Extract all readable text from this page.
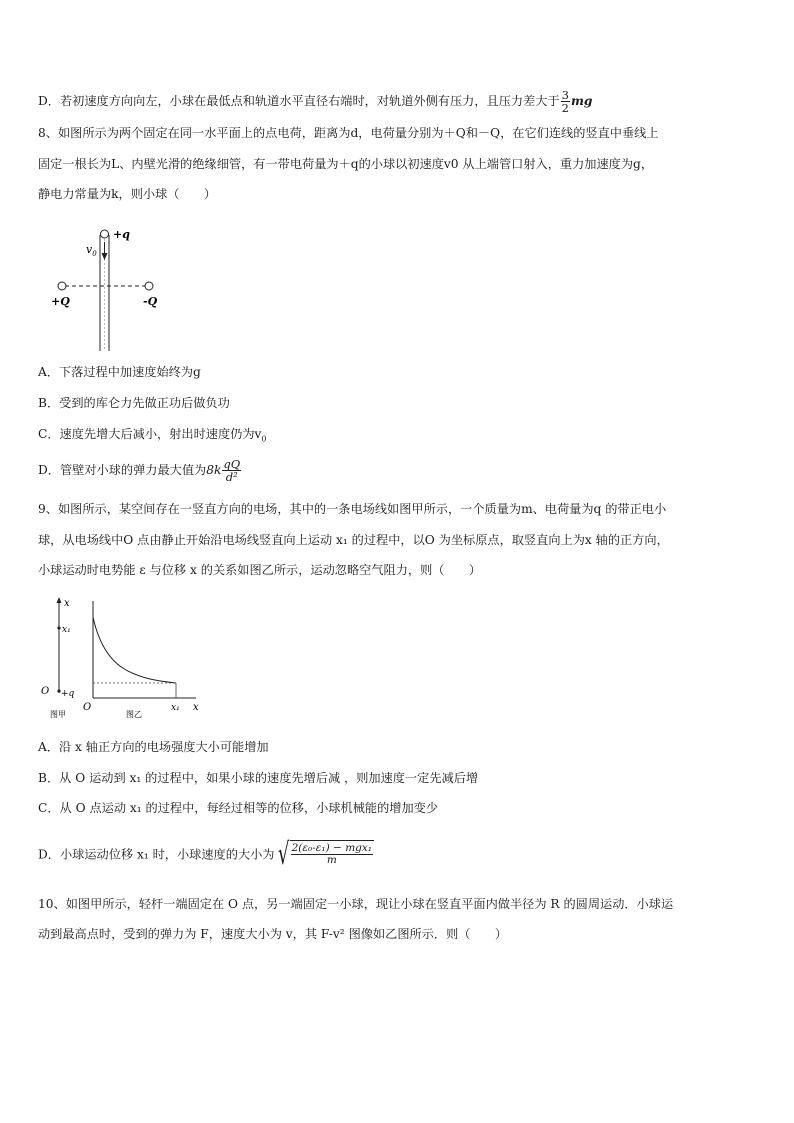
D．若初速度方向向左，小球在最低点和轨道水平直径右端时，对轨道外侧有压力，且压力差大于 $\frac{3}{2}$ mg
8、如图所示为两个固定在同一水平面上的点电荷，距离为d，电荷量分别为＋Q和－Q，在它们连线的竖直中垂线上
固定一根长为L、内壁光滑的绝缘细管，有一带电荷量为＋q的小球以初速度v0 从上端管口射入，重力加速度为g，
静电力常量为k，则小球（　　）
+q
$v_0$
+Q	-Q
A．下落过程中加速度始终为g
B．受到的库仑力先做正功后做负功
C．速度先增大后减小，射出时速度仍为$v_0$
D．管壁对小球的弹力最大值为$8k \frac{qQ}{\text{d²}}$
9、如图所示，某空间存在一竖直方向的电场，其中的一条电场线如图甲所示，一个质量为m、电荷量为q 的带正电小
球，从电场线中O 点由静止开始沿电场线竖直向上运动 x₁ 的过程中，以O 为坐标原点，取竖直向上为x 轴的正方向，
小球运动时电势能 ε 与位移 x 的关系如图乙所示，运动忽略空气阻力，则（　　）
x
x₁
O +q
图甲
O	x₁ x
图乙
A．沿 x 轴正方向的电场强度大小可能增加
B．从 O 运动到 x₁ 的过程中，如果小球的速度先增后减 ，则加速度一定先减后增
C．从 O 点运动 x₁ 的过程中，每经过相等的位移，小球机械能的增加变少
D．小球运动位移 x₁ 时，小球速度的大小为 √ $\frac{\text{2(ε₀-ε₁) − mgx₁}}{m}$
10、如图甲所示，轻杆一端固定在 O 点，另一端固定一小球，现让小球在竖直平面内做半径为 R 的圆周运动．小球运
动到最高点时，受到的弹力为 F，速度大小为 v，其 F-v² 图像如乙图所示．则（　　）
